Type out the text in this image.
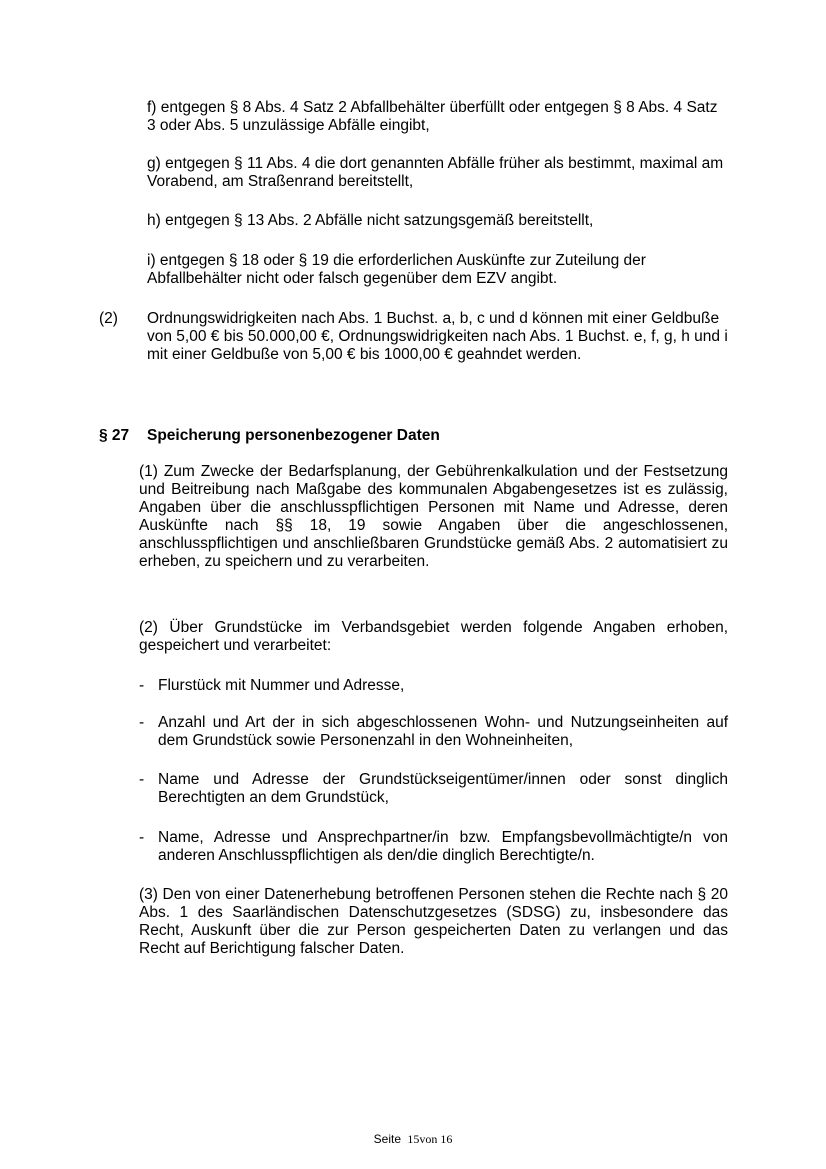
f) entgegen § 8 Abs. 4 Satz 2 Abfallbehälter überfüllt oder entgegen § 8 Abs. 4 Satz 3 oder Abs. 5 unzulässige Abfälle eingibt,

g) entgegen § 11 Abs. 4 die dort genannten Abfälle früher als bestimmt, maximal am Vorabend, am Straßenrand bereitstellt,

h) entgegen § 13 Abs. 2 Abfälle nicht satzungsgemäß bereitstellt,

i) entgegen § 18 oder § 19 die erforderlichen Auskünfte zur Zuteilung der Abfallbehälter nicht oder falsch gegenüber dem EZV angibt.

(2) Ordnungswidrigkeiten nach Abs. 1 Buchst. a, b, c und d können mit einer Geldbuße von 5,00 € bis 50.000,00 €, Ordnungswidrigkeiten nach Abs. 1 Buchst. e, f, g, h und i mit einer Geldbuße von 5,00 € bis 1000,00 € geahndet werden.

§ 27 Speicherung personenbezogener Daten

(1) Zum Zwecke der Bedarfsplanung, der Gebührenkalkulation und der Festsetzung und Beitreibung nach Maßgabe des kommunalen Abgabengesetzes ist es zulässig, Angaben über die anschlusspflichtigen Personen mit Name und Adresse, deren Auskünfte nach §§ 18, 19 sowie Angaben über die angeschlossenen, anschlusspflichtigen und anschließbaren Grundstücke gemäß Abs. 2 automatisiert zu erheben, zu speichern und zu verarbeiten.

(2) Über Grundstücke im Verbandsgebiet werden folgende Angaben erhoben, gespeichert und verarbeitet:

- Flurstück mit Nummer und Adresse,

- Anzahl und Art der in sich abgeschlossenen Wohn- und Nutzungseinheiten auf dem Grundstück sowie Personenzahl in den Wohneinheiten,

- Name und Adresse der Grundstückseigentümer/innen oder sonst dinglich Berechtigten an dem Grundstück,

- Name, Adresse und Ansprechpartner/in bzw. Empfangsbevollmächtigte/n von anderen Anschlusspflichtigen als den/die dinglich Berechtigte/n.

(3) Den von einer Datenerhebung betroffenen Personen stehen die Rechte nach § 20 Abs. 1 des Saarländischen Datenschutzgesetzes (SDSG) zu, insbesondere das Recht, Auskunft über die zur Person gespeicherten Daten zu verlangen und das Recht auf Berichtigung falscher Daten.

Seite 15von 16
